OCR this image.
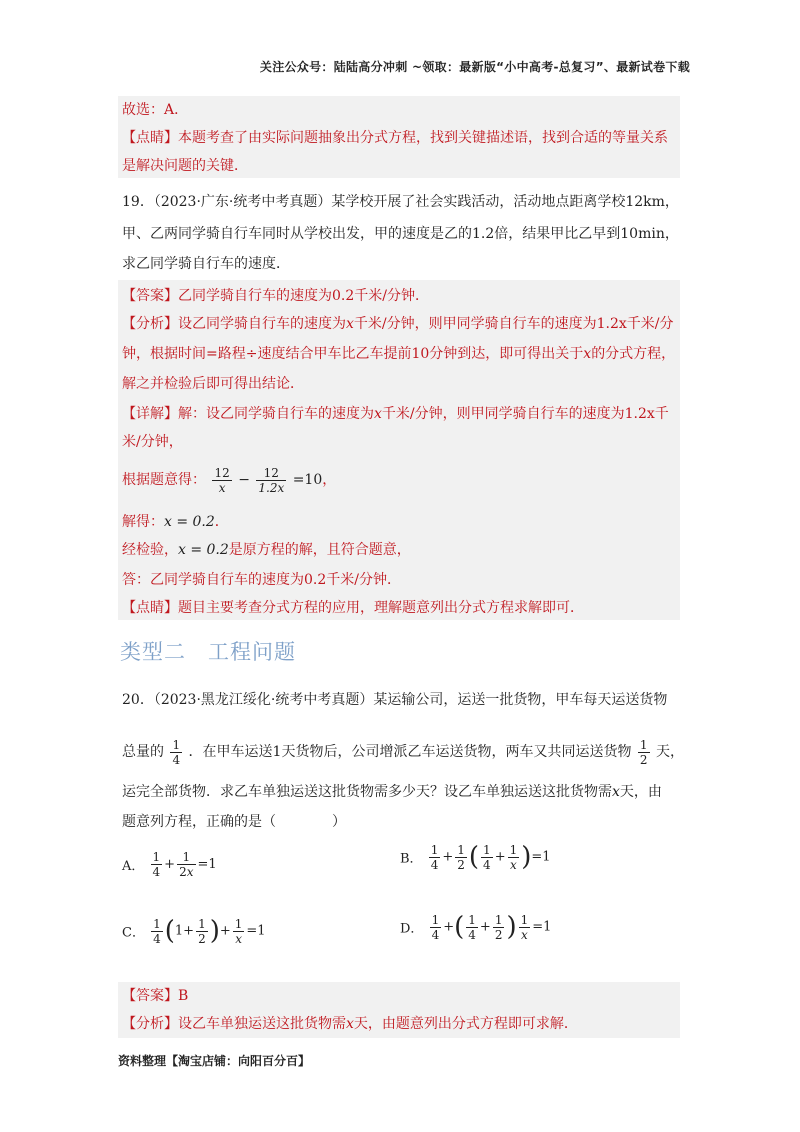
关注公众号：陆陆高分冲刺 ~领取：最新版“小中高考-总复习”、最新试卷下载
故选：A．
【点睛】本题考查了由实际问题抽象出分式方程，找到关键描述语，找到合适的等量关系
是解决问题的关键．
19．（2023·广东·统考中考真题）某学校开展了社会实践活动，活动地点距离学校12km，
甲、乙两同学骑自行车同时从学校出发，甲的速度是乙的1.2倍，结果甲比乙早到10min，
求乙同学骑自行车的速度．
【答案】乙同学骑自行车的速度为0.2千米/分钟．
【分析】设乙同学骑自行车的速度为x千米/分钟，则甲同学骑自行车的速度为1.2x千米/分
钟，根据时间=路程÷速度结合甲车比乙车提前10分钟到达，即可得出关于x的分式方程，
解之并检验后即可得出结论．
【详解】解：设乙同学骑自行车的速度为x千米/分钟，则甲同学骑自行车的速度为1.2x千
米/分钟，
根据题意得： $\frac{12}{x} - \frac{12}{1.2x} =10$，
解得：x = 0.2．
经检验，x = 0.2是原方程的解，且符合题意，
答：乙同学骑自行车的速度为0.2千米/分钟．
【点睛】题目主要考查分式方程的应用，理解题意列出分式方程求解即可．
类型二　工程问题
20．（2023·黑龙江绥化·统考中考真题）某运输公司，运送一批货物，甲车每天运送货物
总量的 $\frac{1}{4}$ ．在甲车运送1天货物后，公司增派乙车运送货物，两车又共同运送货物 $\frac{1}{2}$ 天，
运完全部货物．求乙车单独运送这批货物需多少天？设乙车单独运送这批货物需x天，由
题意列方程，正确的是（　　　　）
A． $\frac{1}{4} + \frac{1}{2x} =1$	B． $\frac{1}{4} + \frac{1}{2}$ ( $\frac{1}{4} + \frac{1}{x} )=1$
C． $\frac{1}{4} (1+ \frac{1}{2}$ )+ $\frac{1}{x} =1$	D． $\frac{1}{4}$ +( $\frac{1}{4} + \frac{1}{2}$ ) $\frac{1}{x} =1$
【答案】B
【分析】设乙车单独运送这批货物需x天，由题意列出分式方程即可求解．
资料整理【淘宝店铺：向阳百分百】
